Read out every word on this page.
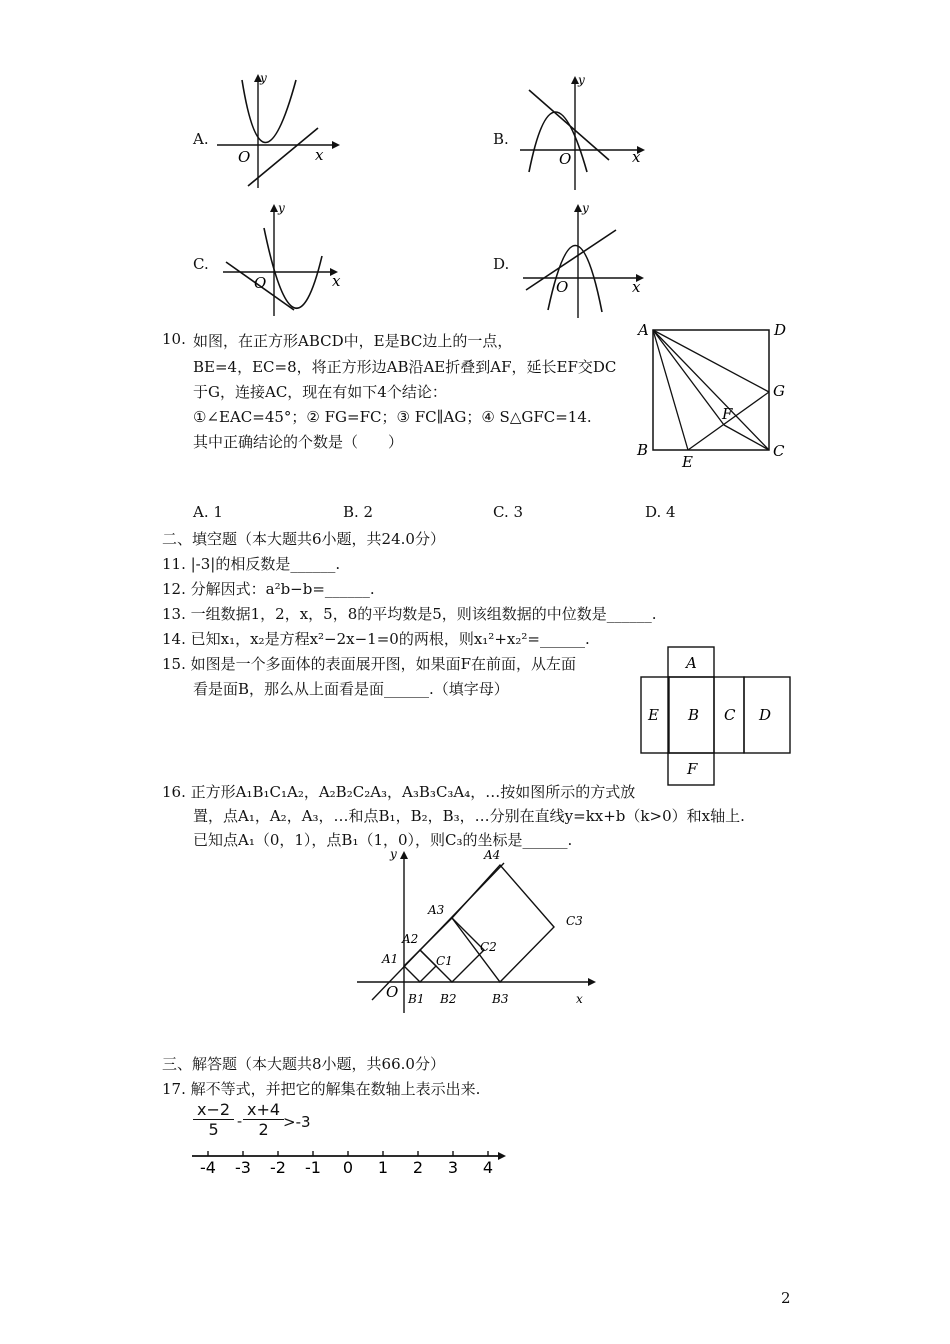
A.
y
x
O
B.
y
x
O
C.
y
x
O
D.
y
x
O
10. 如图，在正方形ABCD中，E是BC边上的一点，
BE=4，EC=8，将正方形边AB沿AE折叠到AF，延长EF交DC
于G，连接AC，现在有如下4个结论：
①∠EAC=45°；② FG=FC；③ FC∥AG；④ S△GFC=14.
其中正确结论的个数是（　　）
A	D
G
F
B	C
E
A. 1	B. 2	C. 3	D. 4
二、填空题（本大题共6小题，共24.0分）
11. |-3|的相反数是______.
12. 分解因式：a²b−b=______.
13. 一组数据1，2，x，5，8的平均数是5，则该组数据的中位数是______.
14. 已知x₁，x₂是方程x²−2x−1=0的两根，则x₁²+x₂²=______.
15. 如图是一个多面体的表面展开图，如果面F在前面，从左面
看是面B，那么从上面看是面______.（填字母）
A
E B C D
F
16. 正方形A₁B₁C₁A₂，A₂B₂C₂A₃，A₃B₃C₃A₄，…按如图所示的方式放
置，点A₁，A₂，A₃，…和点B₁，B₂，B₃，…分别在直线y=kx+b（k>0）和x轴上.
已知点A₁（0，1），点B₁（1，0），则C₃的坐标是______.
y
x
O
A1
A2
A3
A4
B1 B2	B3
C1
C2
C3
三、解答题（本大题共8小题，共66.0分）
17. 解不等式，并把它的解集在数轴上表示出来.
$\frac{x-2}{5} - \frac{x+4}{2}$
>-3
-4 -3 -2 -1 0 1 2 3 4
2
